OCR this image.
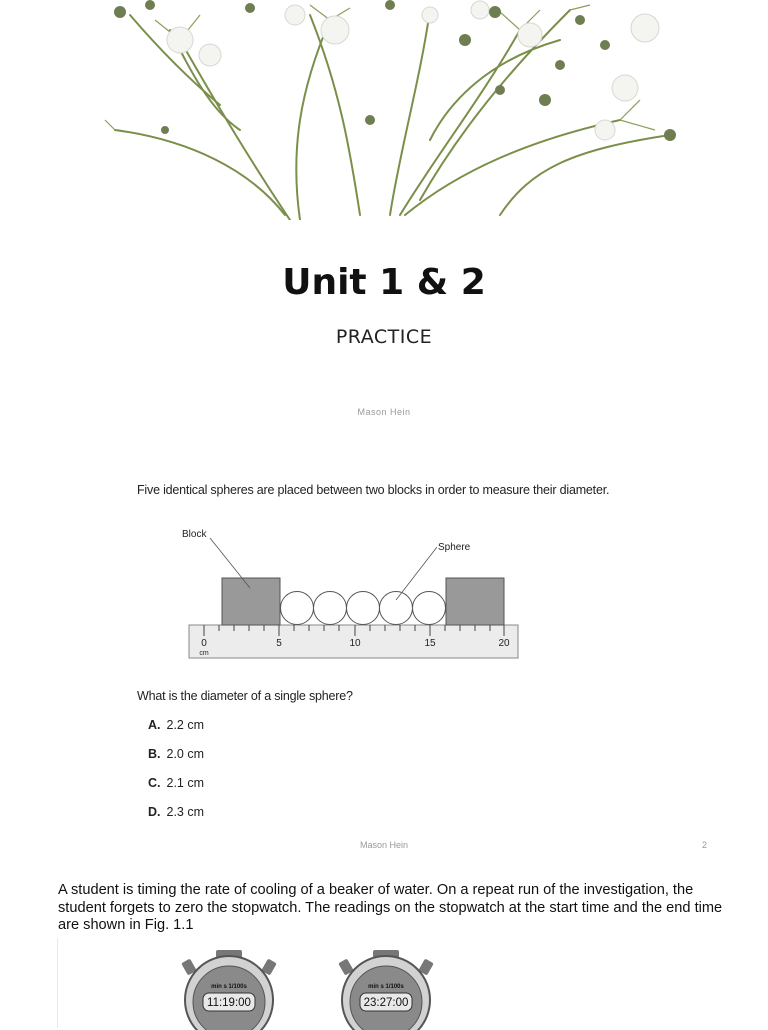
Unit 1 & 2
PRACTICE
Mason Hein
Five identical spheres are placed between two blocks in order to measure their diameter.
0	5	10	15	20
cm
Block
Sphere
What is the diameter of a single sphere?
A. 2.2 cm
B. 2.0 cm
C. 2.1 cm
D. 2.3 cm
Mason Hein	2
A student is timing the rate of cooling of a beaker of water. On a repeat run of the investigation, the student forgets to zero the stopwatch. The readings on the stopwatch at the start time and the end time are shown in Fig. 1.1
min s 1/100s
11:19:00
min s 1/100s
23:27:00
